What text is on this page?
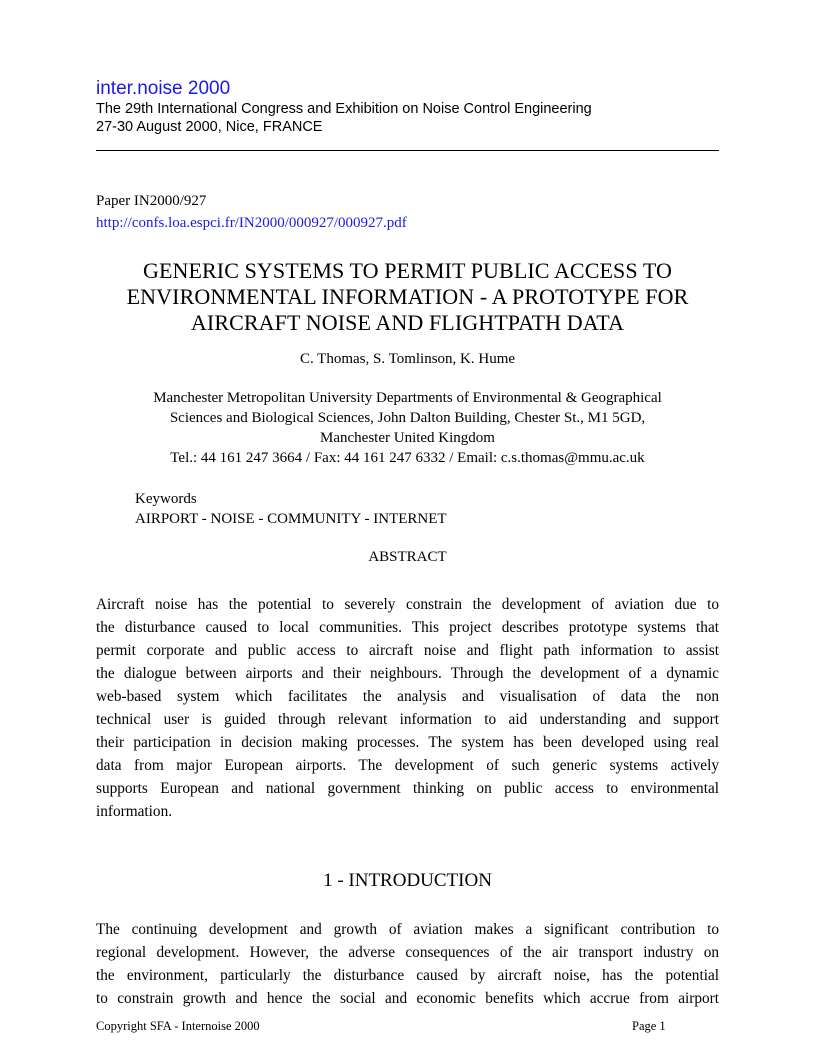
inter.noise 2000
The 29th International Congress and Exhibition on Noise Control Engineering
27-30 August 2000, Nice, FRANCE
Paper IN2000/927
http://confs.loa.espci.fr/IN2000/000927/000927.pdf
GENERIC SYSTEMS TO PERMIT PUBLIC ACCESS TO
ENVIRONMENTAL INFORMATION - A PROTOTYPE FOR
AIRCRAFT NOISE AND FLIGHTPATH DATA
C. Thomas, S. Tomlinson, K. Hume
Manchester Metropolitan University Departments of Environmental & Geographical
Sciences and Biological Sciences, John Dalton Building, Chester St., M1 5GD,
Manchester United Kingdom
Tel.: 44 161 247 3664 / Fax: 44 161 247 6332 / Email: c.s.thomas@mmu.ac.uk
Keywords
AIRPORT - NOISE - COMMUNITY - INTERNET
ABSTRACT
Aircraft noise has the potential to severely constrain the development of aviation due to
the disturbance caused to local communities. This project describes prototype systems that
permit corporate and public access to aircraft noise and flight path information to assist
the dialogue between airports and their neighbours. Through the development of a dynamic
web-based system which facilitates the analysis and visualisation of data the non
technical user is guided through relevant information to aid understanding and support
their participation in decision making processes. The system has been developed using real
data from major European airports. The development of such generic systems actively
supports European and national government thinking on public access to environmental
information.
1 - INTRODUCTION
The continuing development and growth of aviation makes a significant contribution to
regional development. However, the adverse consequences of the air transport industry on
the environment, particularly the disturbance caused by aircraft noise, has the potential
to constrain growth and hence the social and economic benefits which accrue from airport
Copyright SFA - Internoise 2000	Page 1
